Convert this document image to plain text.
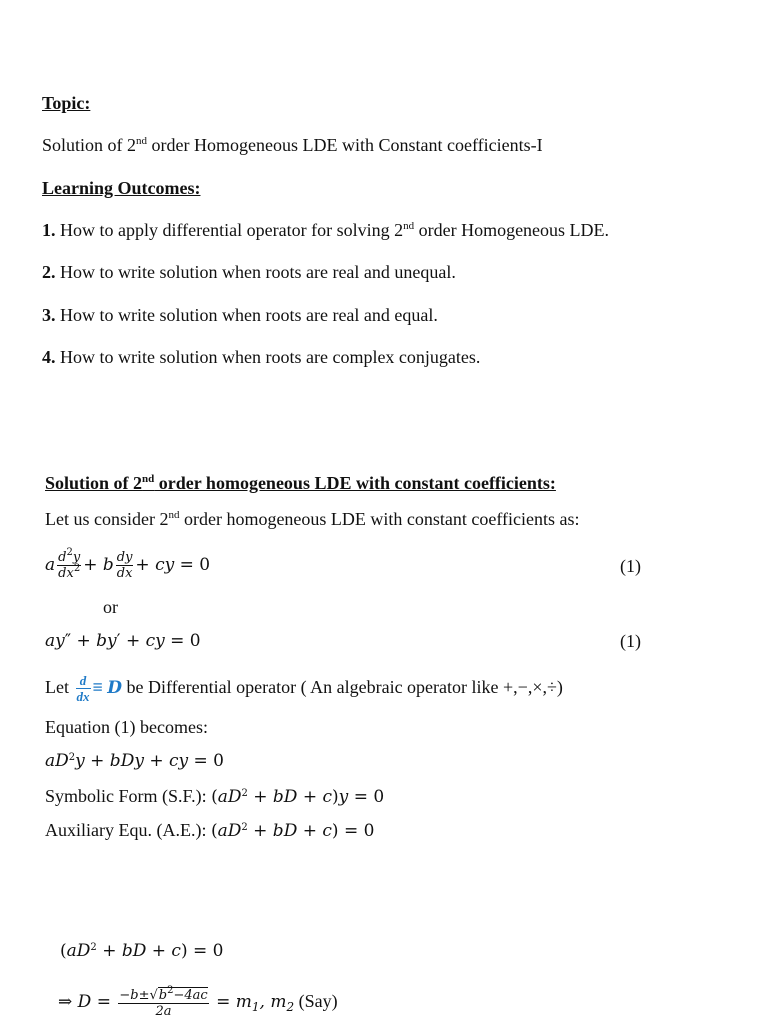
Topic:
Solution of 2nd order Homogeneous LDE with Constant coefficients-I
Learning Outcomes:
1. How to apply differential operator for solving 2nd order Homogeneous LDE.
2. How to write solution when roots are real and unequal.
3. How to write solution when roots are real and equal.
4. How to write solution when roots are complex conjugates.
Solution of 2nd order homogeneous LDE with constant coefficients:
Let us consider 2nd order homogeneous LDE with constant coefficients as:
a $\frac{d^2y}{dx^2} + b \frac{dy}{dx}$ + cy = 0	(1)
or
ay″ + by′ + cy = 0	(1)
Let $\frac{d}{dx} \equiv D$ be Differential operator ( An algebraic operator like +,−,×,÷)
Equation (1) becomes:
$aD^2y$ + bDy + cy = 0
Symbolic Form (S.F.): ($aD^2$ + bD + c)y = 0
Auxiliary Equ. (A.E.): ($aD^2$ + bD + c) = 0
($aD^2$ + bD + c) = 0
⇒ $D = \frac{-b\pm√b^2-4ac}{2a} = m_1$, $m_2$ (Say)
